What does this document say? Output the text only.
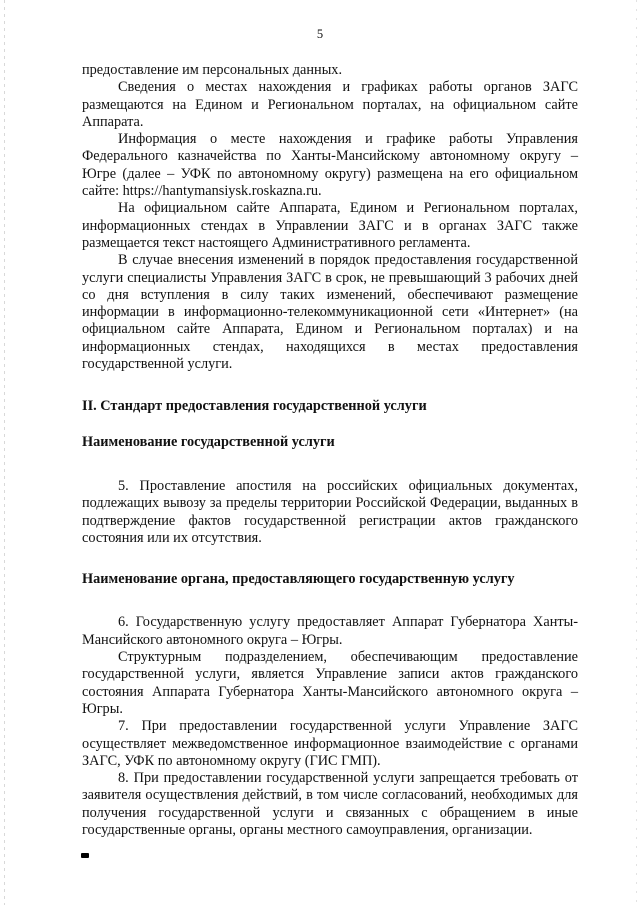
5

предоставление им персональных данных.

Сведения о местах нахождения и графиках работы органов ЗАГС размещаются на Едином и Региональном порталах, на официальном сайте Аппарата.

Информация о месте нахождения и графике работы Управления Федерального казначейства по Ханты-Мансийскому автономному округу – Югре (далее – УФК по автономному округу) размещена на его официальном сайте: https://hantymansiysk.roskazna.ru.

На официальном сайте Аппарата, Едином и Региональном порталах, информационных стендах в Управлении ЗАГС и в органах ЗАГС также размещается текст настоящего Административного регламента.

В случае внесения изменений в порядок предоставления государственной услуги специалисты Управления ЗАГС в срок, не превышающий 3 рабочих дней со дня вступления в силу таких изменений, обеспечивают размещение информации в информационно-телекоммуникационной сети «Интернет» (на официальном сайте Аппарата, Едином и Региональном порталах) и на информационных стендах, находящихся в местах предоставления государственной услуги.

II. Стандарт предоставления государственной услуги

Наименование государственной услуги

5. Проставление апостиля на российских официальных документах, подлежащих вывозу за пределы территории Российской Федерации, выданных в подтверждение фактов государственной регистрации актов гражданского состояния или их отсутствия.

Наименование органа, предоставляющего государственную услугу

6. Государственную услугу предоставляет Аппарат Губернатора Ханты-Мансийского автономного округа – Югры.

Структурным подразделением, обеспечивающим предоставление государственной услуги, является Управление записи актов гражданского состояния Аппарата Губернатора Ханты-Мансийского автономного округа – Югры.

7. При предоставлении государственной услуги Управление ЗАГС осуществляет межведомственное информационное взаимодействие с органами ЗАГС, УФК по автономному округу (ГИС ГМП).

8. При предоставлении государственной услуги запрещается требовать от заявителя осуществления действий, в том числе согласований, необходимых для получения государственной услуги и связанных с обращением в иные государственные органы, органы местного самоуправления, организации.
